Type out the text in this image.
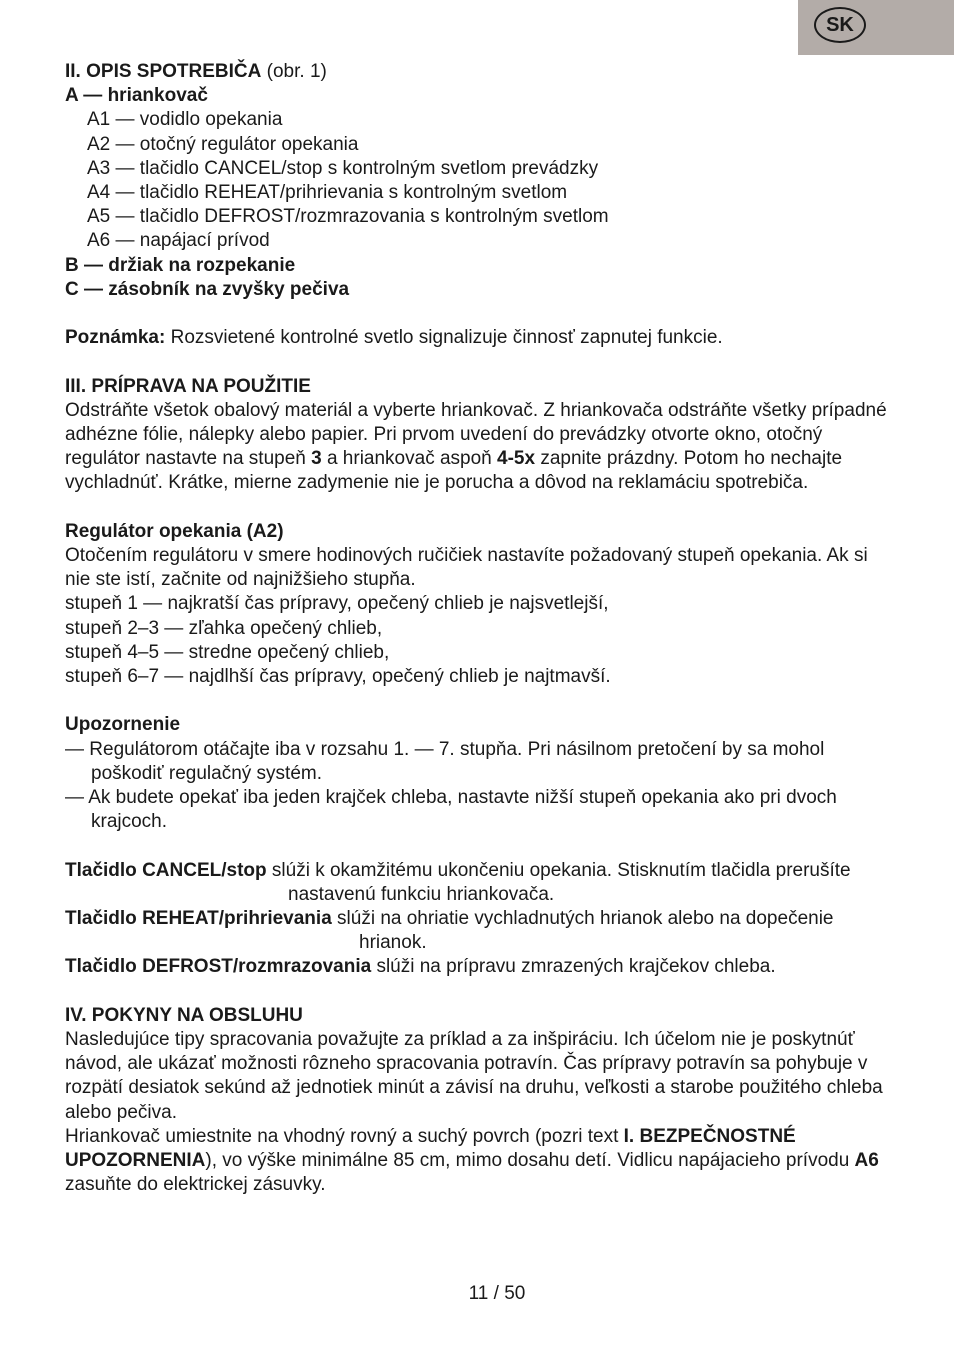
SK

II. OPIS SPOTREBIČA (obr. 1)

A — hriankovač

A1 — vodidlo opekania

A2 — otočný regulátor opekania

A3 — tlačidlo CANCEL/stop s kontrolným svetlom prevádzky

A4 — tlačidlo REHEAT/prihrievania s kontrolným svetlom

A5 — tlačidlo DEFROST/rozmrazovania s kontrolným svetlom

A6 — napájací prívod

B — držiak na rozpekanie

C — zásobník na zvyšky pečiva

Poznámka: Rozsvietené kontrolné svetlo signalizuje činnosť zapnutej funkcie.

III. PRÍPRAVA NA POUŽITIE

Odstráňte všetok obalový materiál a vyberte hriankovač. Z hriankovača odstráňte všetky prípadné adhézne fólie, nálepky alebo papier. Pri prvom uvedení do prevádzky otvorte okno, otočný regulátor nastavte na stupeň 3 a hriankovač aspoň 4-5x zapnite prázdny. Potom ho nechajte vychladnúť. Krátke, mierne zadymenie nie je porucha a dôvod na reklamáciu spotrebiča.

Regulátor opekania (A2)

Otočením regulátoru v smere hodinových ručičiek nastavíte požadovaný stupeň opekania. Ak si nie ste istí, začnite od najnižšieho stupňa.

stupeň 1 — najkratší čas prípravy, opečený chlieb je najsvetlejší,

stupeň 2–3 — zľahka opečený chlieb,

stupeň 4–5 — stredne opečený chlieb,

stupeň 6–7 — najdlhší čas prípravy, opečený chlieb je najtmavší.

Upozornenie

— Regulátorom otáčajte iba v rozsahu 1. — 7. stupňa. Pri násilnom pretočení by sa mohol poškodiť regulačný systém.

— Ak budete opekať iba jeden krajček chleba, nastavte nižší stupeň opekania ako pri dvoch krajcoch.

Tlačidlo CANCEL/stop slúži k okamžitému ukončeniu opekania. Stisknutím tlačidla prerušíte nastavenú funkciu hriankovača.

Tlačidlo REHEAT/prihrievania slúži na ohriatie vychladnutých hrianok alebo na dopečenie hrianok.

Tlačidlo DEFROST/rozmrazovania slúži na prípravu zmrazených krajčekov chleba.

IV. POKYNY NA OBSLUHU

Nasledujúce tipy spracovania považujte za príklad a za inšpiráciu. Ich účelom nie je poskytnúť návod, ale ukázať možnosti rôzneho spracovania potravín. Čas prípravy potravín sa pohybuje v rozpätí desiatok sekúnd až jednotiek minút a závisí na druhu, veľkosti a starobe použitého chleba alebo pečiva.

Hriankovač umiestnite na vhodný rovný a suchý povrch (pozri text I. BEZPEČNOSTNÉ UPOZORNENIA), vo výške minimálne 85 cm, mimo dosahu detí. Vidlicu napájacieho prívodu A6 zasuňte do elektrickej zásuvky.

11 / 50
